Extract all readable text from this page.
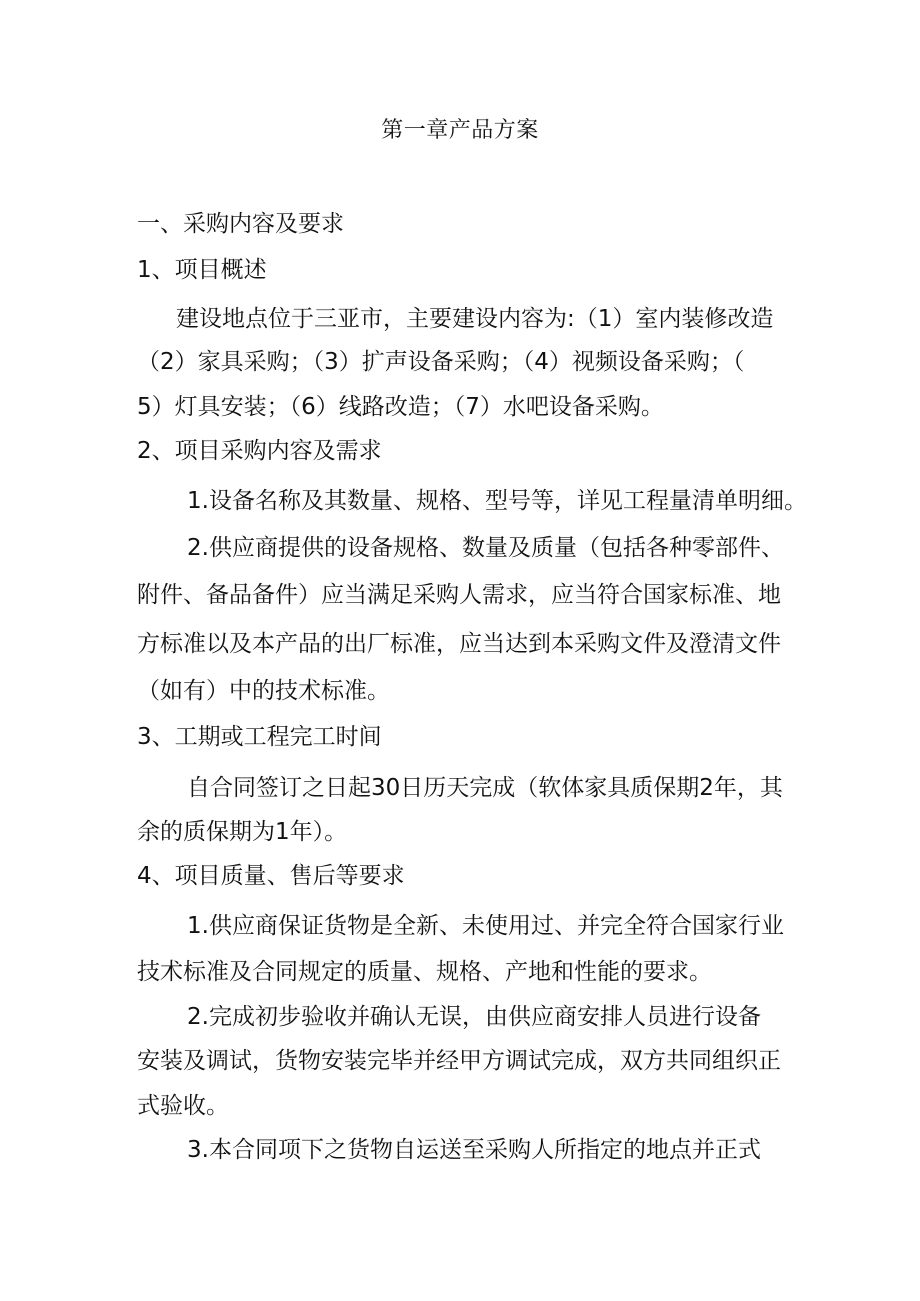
第一章产品方案
一、采购内容及要求
1、项目概述
建设地点位于三亚市，主要建设内容为:（1）室内装修改造
（2）家具采购；（3）扩声设备采购；（4）视频设备采购；（
5）灯具安装；（6）线路改造；（7）水吧设备采购。
2、项目采购内容及需求
1.设备名称及其数量、规格、型号等，详见工程量清单明细。
2.供应商提供的设备规格、数量及质量（包括各种零部件、
附件、备品备件）应当满足采购人需求，应当符合国家标准、地
方标准以及本产品的出厂标准，应当达到本采购文件及澄清文件
（如有）中的技术标准。
3、工期或工程完工时间
自合同签订之日起30日历天完成（软体家具质保期2年，其
余的质保期为1年）。
4、项目质量、售后等要求
1.供应商保证货物是全新、未使用过、并完全符合国家行业
技术标准及合同规定的质量、规格、产地和性能的要求。
2.完成初步验收并确认无误，由供应商安排人员进行设备
安装及调试，货物安装完毕并经甲方调试完成，双方共同组织正
式验收。
3.本合同项下之货物自运送至采购人所指定的地点并正式
